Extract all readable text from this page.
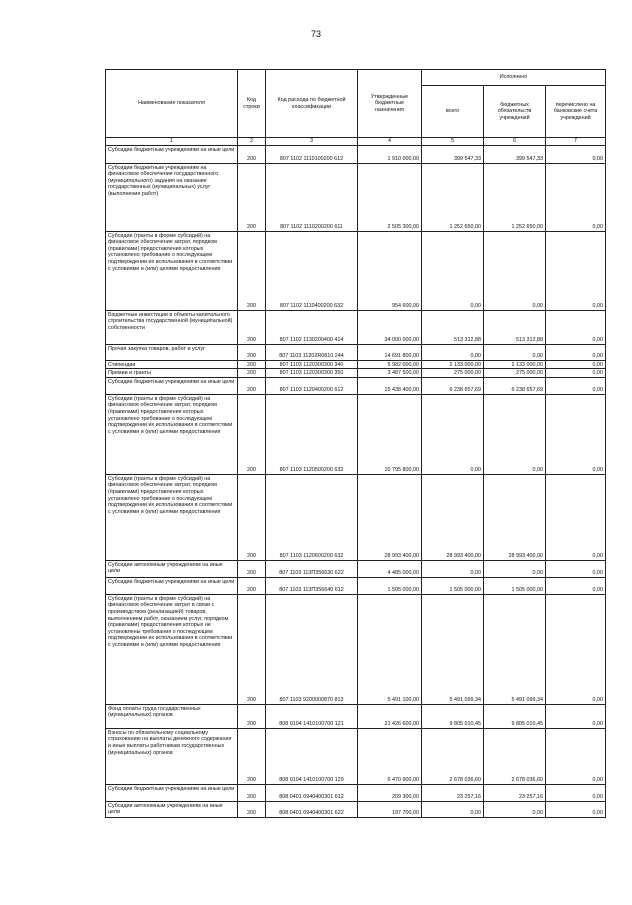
73
Наименование показателя	Код строки	Код расхода по бюджетной классификации	Утвержденные бюджетные назначения	Исполнено		
				всего	бюджетных обязательств учреждений	перечислено на банковские счета учреждений
1	2	3	4	5	6	7
Субсидии бюджетным учреждениям на иные цели	200	807 1102 1110100200 612	1 910 000,00	399 547,33	399 547,33	0,00
Субсидии бюджетным учреждениям на финансовое обеспечение государственного (муниципального) задания на оказание государственных (муниципальных) услуг (выполнение работ)	200	807 1102 1110200200 611	2 505 300,00	1 252 650,00	1 252 650,00	0,00
Субсидии (гранты в форме субсидий) на финансовое обеспечение затрат, порядком (правилами) предоставления которых установлено требование о последующем подтверждении их использования в соответствии с условиями и (или) целями предоставления	200	807 1102 1110400200 632	954 600,00	0,00	0,00	0,00
Бюджетные инвестиции в объекты капитального строительства государственной (муниципальной) собственности	200	807 1102 1130200400 414	34 000 000,00	513 312,88	513 312,88	0,00
Прочая закупка товаров, работ и услуг	200	807 1103 11202R0810 244	14 691 800,00	0,00	0,00	0,00
Стипендии	200	807 1103 1120300300 340	5 982 000,00	2 133 000,00	2 133 000,00	0,00
Премии и гранты	200	807 1103 1120300300 350	3 487 500,00	275 000,00	275 000,00	0,00
Субсидии бюджетным учреждениям на иные цели	200	807 1103 1120400200 612	15 438 400,00	6 238 657,69	6 238 657,69	0,00
Субсидии (гранты в форме субсидий) на финансовое обеспечение затрат, порядком (правилами) предоставления которых установлено требование о последующем подтверждении их использования в соответствии с условиями и (или) целями предоставления	200	807 1103 1120500200 632	10 795 800,00	0,00	0,00	0,00
Субсидии (гранты в форме субсидий) на финансовое обеспечение затрат, порядком (правилами) предоставления которых установлено требование о последующем подтверждении их использования в соответствии с условиями и (или) целями предоставления	200	807 1103 1120600200 632	28 993 400,00	28 993 400,00	28 993 400,00	0,00
Субсидии автономным учреждениям на иные цели	200	807 1103 113П356630 622	4 485 000,00	0,00	0,00	0,00
Субсидии бюджетным учреждениям на иные цели	200	807 1103 113П356640 612	1 505 000,00	1 505 000,00	1 505 000,00	0,00
Субсидии (гранты в форме субсидий) на финансовое обеспечение затрат в связи с производством (реализацией) товаров, выполнением работ, оказанием услуг, порядком (правилами) предоставления которых не установлены требования о последующем подтверждении их использования в соответствии с условиями и (или) целями предоставления	200	807 1103 9200000870 813	5 491 100,00	5 491 099,34	5 491 099,34	0,00
Фонд оплаты труда государственных (муниципальных) органов	200	808 0104 1410100700 121	21 426 600,00	9 805 010,45	9 805 010,45	0,00
Взносы по обязательному социальному страхованию на выплаты денежного содержания и иные выплаты работникам государственных (муниципальных) органов	200	808 0104 1410100700 129	6 470 900,00	2 678 036,60	2 678 036,60	0,00
Субсидии бюджетным учреждениям на иные цели	200	808 0401 0940400301 612	209 300,00	23 257,16	23 257,16	0,00
Субсидии автономным учреждениям на иные цели	200	808 0401 0940400301 622	197 700,00	0,00	0,00	0,00
